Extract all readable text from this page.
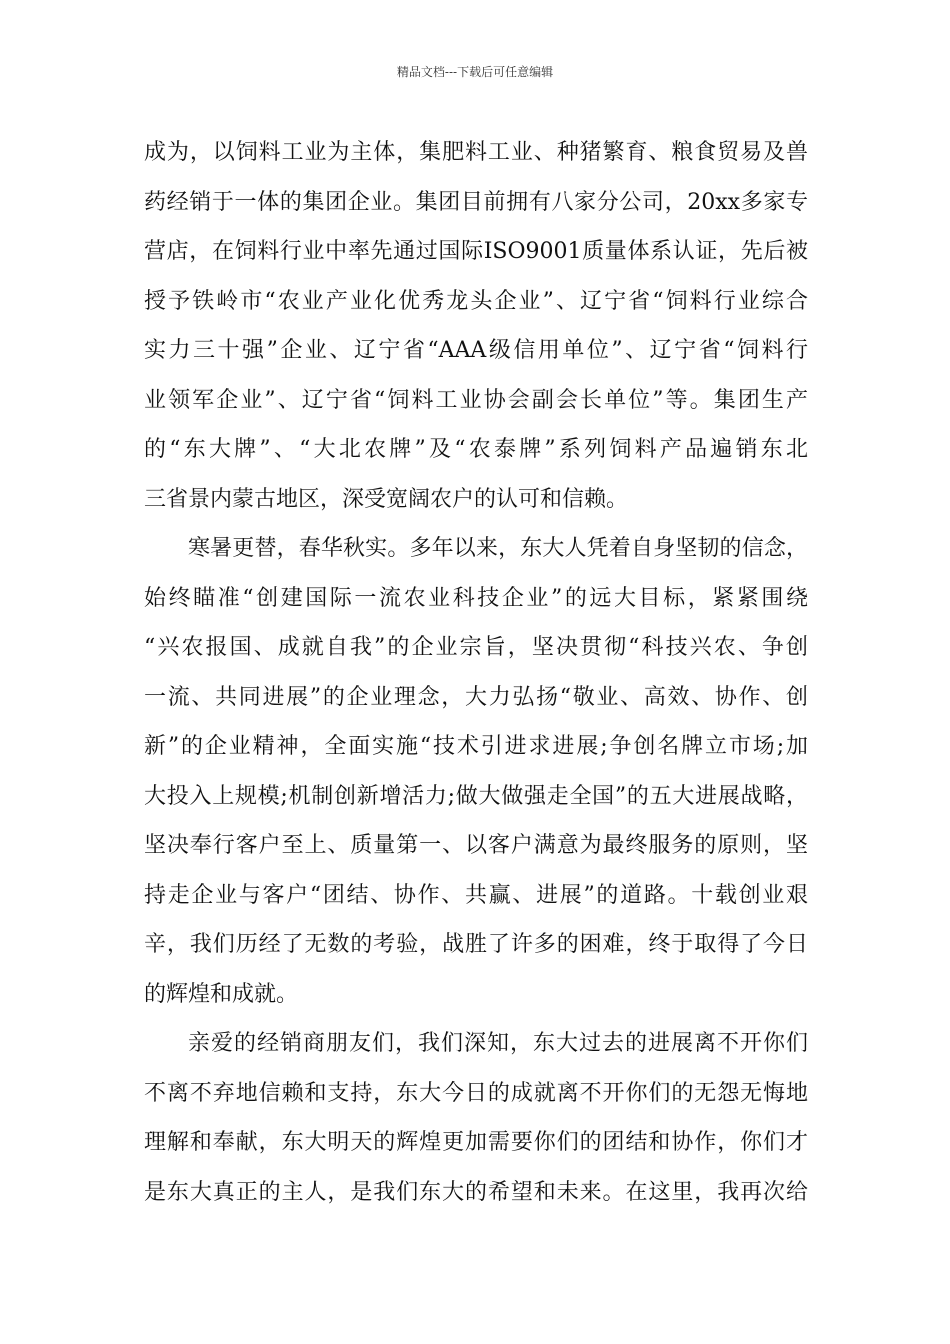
精品文档---下载后可任意编辑
成为，以饲料工业为主体，集肥料工业、种猪繁育、粮食贸易及兽
药经销于一体的集团企业。集团目前拥有八家分公司，20xx多家专
营店，在饲料行业中率先通过国际ISO9001质量体系认证，先后被
授予铁岭市“农业产业化优秀龙头企业”、辽宁省“饲料行业综合
实力三十强”企业、辽宁省“AAA级信用单位”、辽宁省“饲料行
业领军企业”、辽宁省“饲料工业协会副会长单位”等。集团生产
的“东大牌”、“大北农牌”及“农泰牌”系列饲料产品遍销东北
三省景内蒙古地区，深受宽阔农户的认可和信赖。
寒暑更替，春华秋实。多年以来，东大人凭着自身坚韧的信念，
始终瞄准“创建国际一流农业科技企业”的远大目标，紧紧围绕
“兴农报国、成就自我”的企业宗旨，坚决贯彻“科技兴农、争创
一流、共同进展”的企业理念，大力弘扬“敬业、高效、协作、创
新”的企业精神，全面实施“技术引进求进展;争创名牌立市场;加
大投入上规模;机制创新增活力;做大做强走全国”的五大进展战略，
坚决奉行客户至上、质量第一、以客户满意为最终服务的原则，坚
持走企业与客户“团结、协作、共赢、进展”的道路。十载创业艰
辛，我们历经了无数的考验，战胜了许多的困难，终于取得了今日
的辉煌和成就。
亲爱的经销商朋友们，我们深知，东大过去的进展离不开你们
不离不弃地信赖和支持，东大今日的成就离不开你们的无怨无悔地
理解和奉献，东大明天的辉煌更加需要你们的团结和协作，你们才
是东大真正的主人，是我们东大的希望和未来。在这里，我再次给
